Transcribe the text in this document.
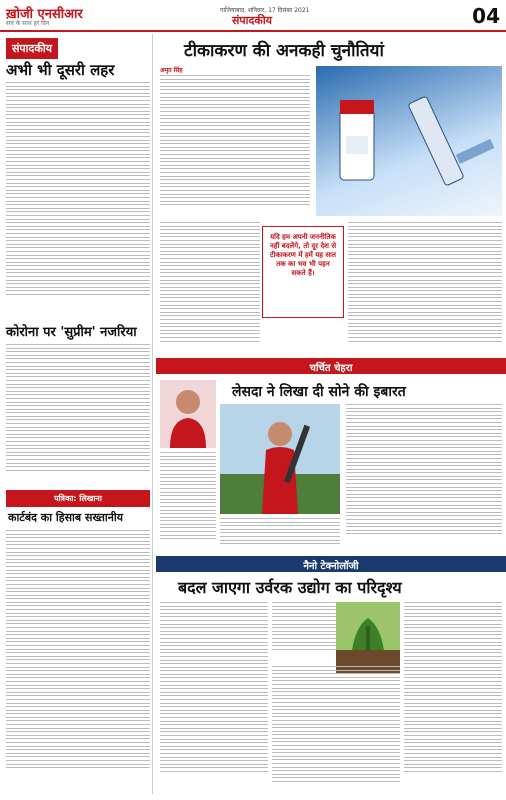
ख़ोजी एनसीआर
सच के साथ हर दिन
गाजियाबाद, शनिवार, 17 दिसंबर 2021
संपादकीय	04
संपादकीय
अभी भी दूसरी लहर
कोरोना पर 'सुप्रीम' नजरिया
पत्रिका: लिखाना
कार्टबंद का हिसाब सख्तानीय
टीकाकरण की अनकही चुनौतियां
अमृत सिंह
यदि हम अपनी जननीतिक नहीं बदलेंगे, तो दूर देश से टीकाकरण में हमें यह सात तक का भव भी पहन सकते हैं।
चर्चित चेहरा
लेसदा ने लिखा दी सोने की इबारत
नैनो टेक्नोलॉजी
बदल जाएगा उर्वरक उद्योग का परिदृश्य
